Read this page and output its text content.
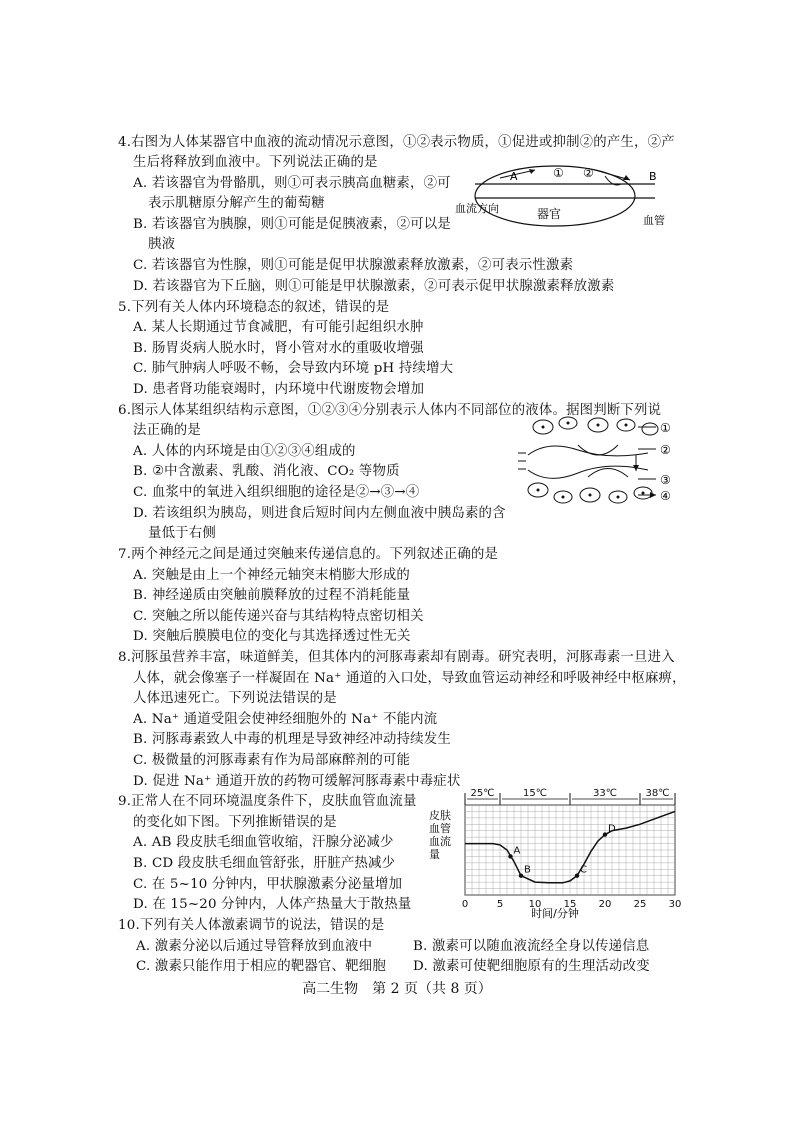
4.右图为人体某器官中血液的流动情况示意图，①②表示物质，①促进或抑制②的产生，②产
生后将释放到血液中。下列说法正确的是
A. 若该器官为骨骼肌，则①可表示胰高血糖素，②可
表示肌糖原分解产生的葡萄糖
B. 若该器官为胰腺，则①可能是促胰液素，②可以是
胰液
C. 若该器官为性腺，则①可能是促甲状腺激素释放激素，②可表示性激素
D. 若该器官为下丘脑，则①可能是甲状腺激素，②可表示促甲状腺激素释放激素
A	① ②	B
器官
血流方向
血管
5.下列有关人体内环境稳态的叙述，错误的是
A. 某人长期通过节食减肥，有可能引起组织水肿
B. 肠胃炎病人脱水时，肾小管对水的重吸收增强
C. 肺气肿病人呼吸不畅，会导致内环境 pH 持续增大
D. 患者肾功能衰竭时，内环境中代谢废物会增加
6.图示人体某组织结构示意图，①②③④分别表示人体内不同部位的液体。据图判断下列说
法正确的是
A. 人体的内环境是由①②③④组成的
B. ②中含激素、乳酸、消化液、CO₂ 等物质
C. 血浆中的氧进入组织细胞的途径是②→③→④
D. 若该组织为胰岛，则进食后短时间内左侧血液中胰岛素的含
量低于右侧
①
②
③
④
7.两个神经元之间是通过突触来传递信息的。下列叙述正确的是
A. 突触是由上一个神经元轴突末梢膨大形成的
B. 神经递质由突触前膜释放的过程不消耗能量
C. 突触之所以能传递兴奋与其结构特点密切相关
D. 突触后膜膜电位的变化与其选择透过性无关
8.河豚虽营养丰富，味道鲜美，但其体内的河豚毒素却有剧毒。研究表明，河豚毒素一旦进入
人体，就会像塞子一样凝固在 Na⁺ 通道的入口处，导致血管运动神经和呼吸神经中枢麻痹，
人体迅速死亡。下列说法错误的是
A. Na⁺ 通道受阻会使神经细胞外的 Na⁺ 不能内流
B. 河豚毒素致人中毒的机理是导致神经冲动持续发生
C. 极微量的河豚毒素有作为局部麻醉剂的可能
D. 促进 Na⁺ 通道开放的药物可缓解河豚毒素中毒症状
9.正常人在不同环境温度条件下，皮肤血管血流量
的变化如下图。下列推断错误的是
A. AB 段皮肤毛细血管收缩，汗腺分泌减少
B. CD 段皮肤毛细血管舒张，肝脏产热减少
C. 在 5~10 分钟内，甲状腺激素分泌量增加
D. 在 15~20 分钟内，人体产热量大于散热量
25℃	15℃	33℃	38℃
A
B	C
D
0	5	10 15 20 25 30
时间/分钟
皮肤血管血流量
10.下列有关人体激素调节的说法，错误的是
A. 激素分泌以后通过导管释放到血液中	B. 激素可以随血液流经全身以传递信息
C. 激素只能作用于相应的靶器官、靶细胞 D. 激素可使靶细胞原有的生理活动改变
高二生物　第 2 页（共 8 页）
